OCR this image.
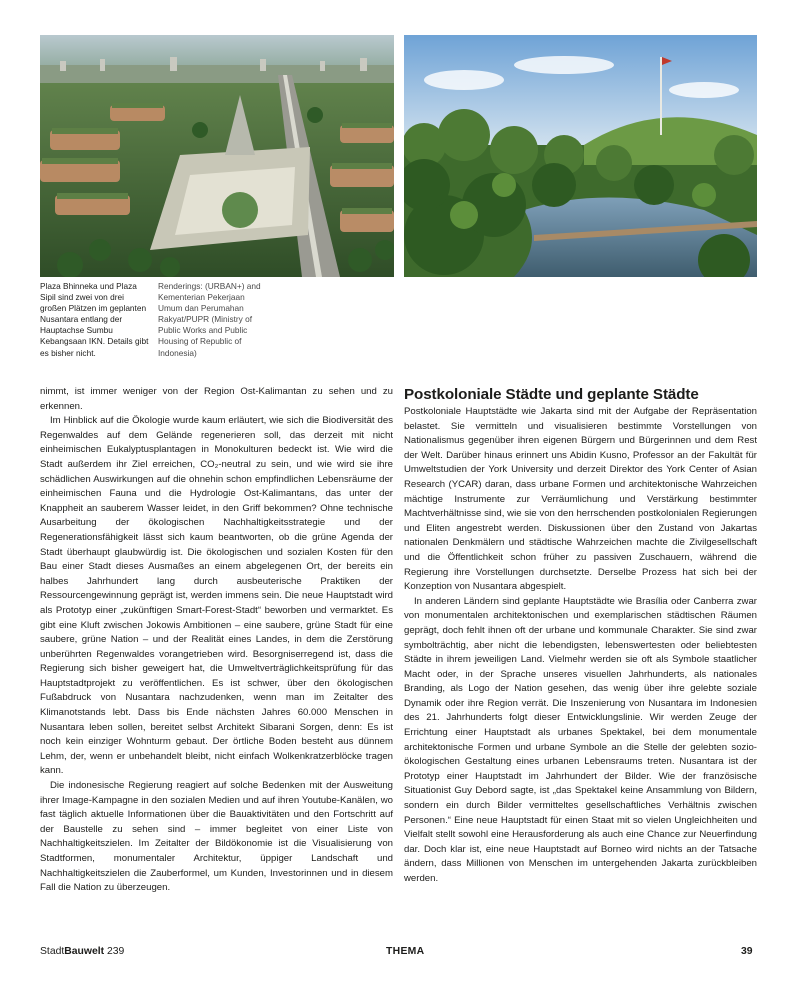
Plaza Bhinneka und Plaza Sipil sind zwei von drei großen Plätzen im geplanten Nusantara entlang der Hauptachse Sumbu Kebangsaan IKN. Details gibt es bisher nicht.
Renderings: (URBAN+) and Kementerian Pekerjaan Umum dan Perumahan Rakyat/PUPR (Ministry of Public Works and Public Housing of Republic of Indonesia)

nimmt, ist immer weniger von der Region Ost-Kalimantan zu sehen und zu erkennen.

Im Hinblick auf die Ökologie wurde kaum erläutert, wie sich die Biodiversität des Regenwaldes auf dem Gelände regenerieren soll, das derzeit mit nicht einheimischen Eukalyptusplantagen in Monokulturen bedeckt ist. Wie wird die Stadt außerdem ihr Ziel erreichen, CO₂-neutral zu sein, und wie wird sie ihre schädlichen Auswirkungen auf die ohnehin schon empfindlichen Lebensräume der einheimischen Fauna und die Hydrologie Ost-Kalimantans, das unter der Knappheit an sauberem Wasser leidet, in den Griff bekommen? Ohne technische Ausarbeitung der ökologischen Nachhaltigkeitsstrategie und der Regenerationsfähigkeit lässt sich kaum beantworten, ob die grüne Agenda der Stadt überhaupt glaubwürdig ist. Die ökologischen und sozialen Kosten für den Bau einer Stadt dieses Ausmaßes an einem abgelegenen Ort, der bereits ein halbes Jahrhundert lang durch ausbeuterische Praktiken der Ressourcengewinnung geprägt ist, werden immens sein. Die neue Hauptstadt wird als Prototyp einer „zukünftigen Smart-Forest-Stadt“ beworben und vermarktet. Es gibt eine Kluft zwischen Jokowis Ambitionen – eine saubere, grüne Stadt für eine saubere, grüne Nation – und der Realität eines Landes, in dem die Zerstörung unberührten Regenwaldes vorangetrieben wird. Besorgniserregend ist, dass die Regierung sich bisher geweigert hat, die Umweltverträglichkeitsprüfung für das Hauptstadtprojekt zu veröffentlichen. Es ist schwer, über den ökologischen Fußabdruck von Nusantara nachzudenken, wenn man im Zeitalter des Klimanotstands lebt. Dass bis Ende nächsten Jahres 60.000 Menschen in Nusantara leben sollen, bereitet selbst Architekt Sibarani Sorgen, denn: Es ist noch kein einziger Wohnturm gebaut. Der örtliche Boden besteht aus dünnem Lehm, der, wenn er unbehandelt bleibt, nicht einfach Wolkenkratzerblöcke tragen kann.

Die indonesische Regierung reagiert auf solche Bedenken mit der Ausweitung ihrer Image-Kampagne in den sozialen Medien und auf ihren Youtube-Kanälen, wo fast täglich aktuelle Informationen über die Bauaktivitäten und den Fortschritt auf der Baustelle zu sehen sind – immer begleitet von einer Liste von Nachhaltigkeitszielen. Im Zeitalter der Bildökonomie ist die Visualisierung von Stadtformen, monumentaler Architektur, üppiger Landschaft und Nachhaltigkeitszielen die Zauberformel, um Kunden, Investorinnen und in diesem Fall die Nation zu überzeugen.

Postkoloniale Städte und geplante Städte

Postkoloniale Hauptstädte wie Jakarta sind mit der Aufgabe der Repräsentation belastet. Sie vermitteln und visualisieren bestimmte Vorstellungen von Nationalismus gegenüber ihren eigenen Bürgern und Bürgerinnen und dem Rest der Welt. Darüber hinaus erinnert uns Abidin Kusno, Professor an der Fakultät für Umweltstudien der York University und derzeit Direktor des York Center of Asian Research (YCAR) daran, dass urbane Formen und architektonische Wahrzeichen mächtige Instrumente zur Verräumlichung und Verstärkung bestimmter Machtverhältnisse sind, wie sie von den herrschenden postkolonialen Regierungen und Eliten angestrebt werden. Diskussionen über den Zustand von Jakartas nationalen Denkmälern und städtische Wahrzeichen machte die Zivilgesellschaft und die Öffentlichkeit schon früher zu passiven Zuschauern, während die Regierung ihre Vorstellungen durchsetzte. Derselbe Prozess hat sich bei der Konzeption von Nusantara abgespielt.

In anderen Ländern sind geplante Hauptstädte wie Brasília oder Canberra zwar von monumentalen architektonischen und exemplarischen städtischen Räumen geprägt, doch fehlt ihnen oft der urbane und kommunale Charakter. Sie sind zwar symbolträchtig, aber nicht die lebendigsten, lebenswertesten oder beliebtesten Städte in ihrem jeweiligen Land. Vielmehr werden sie oft als Symbole staatlicher Macht oder, in der Sprache unseres visuellen Jahrhunderts, als nationales Branding, als Logo der Nation gesehen, das wenig über ihre gelebte soziale Dynamik oder ihre Region verrät. Die Inszenierung von Nusantara im Indonesien des 21. Jahrhunderts folgt dieser Entwicklungslinie. Wir werden Zeuge der Errichtung einer Hauptstadt als urbanes Spektakel, bei dem monumentale architektonische Formen und urbane Symbole an die Stelle der gelebten sozio-ökologischen Gestaltung eines urbanen Lebensraums treten. Nusantara ist der Prototyp einer Hauptstadt im Jahrhundert der Bilder. Wie der französische Situationist Guy Debord sagte, ist „das Spektakel keine Ansammlung von Bildern, sondern ein durch Bilder vermitteltes gesellschaftliches Verhältnis zwischen Personen.“ Eine neue Hauptstadt für einen Staat mit so vielen Ungleichheiten und Vielfalt stellt sowohl eine Herausforderung als auch eine Chance zur Neuerfindung dar. Doch klar ist, eine neue Hauptstadt auf Borneo wird nichts an der Tatsache ändern, dass Millionen von Menschen im untergehenden Jakarta zurückbleiben werden.

StadtBauwelt 239	THEMA	39
